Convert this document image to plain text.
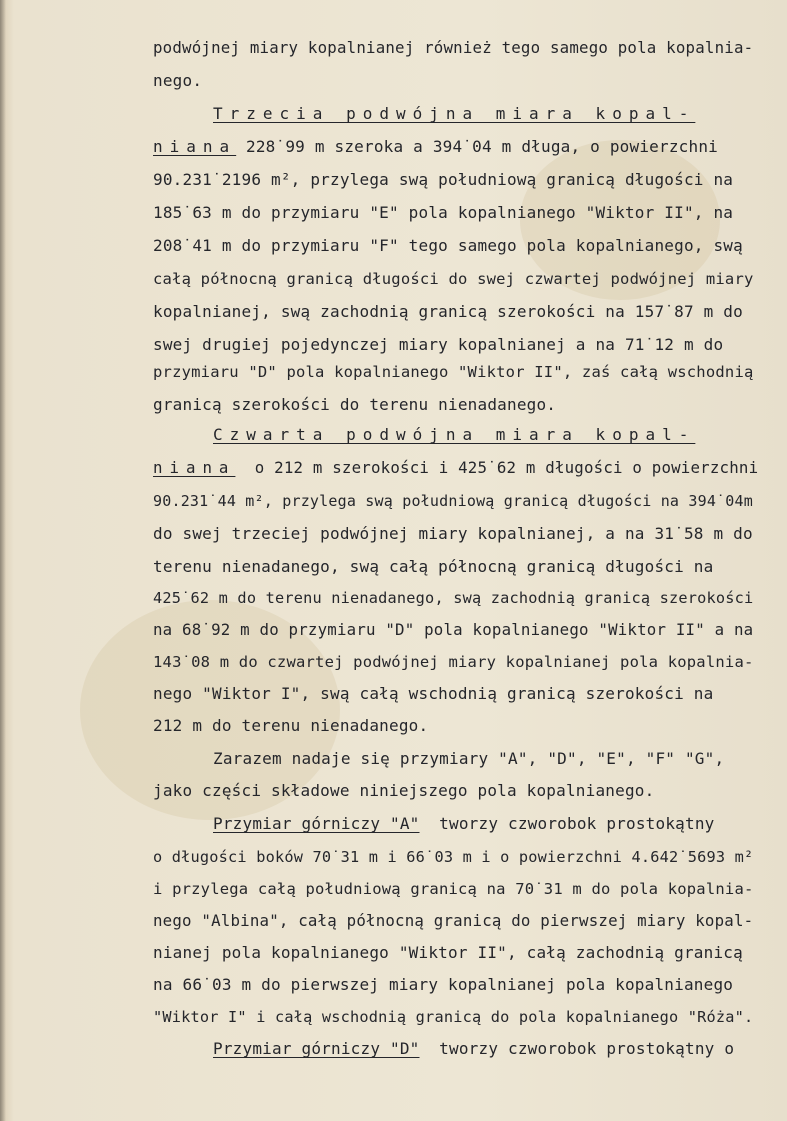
podwójnej miary kopalnianej również tego samego pola kopalnia-
nego.
Trzecia podwójna miara kopal-
niana 228˙99 m szeroka a 394˙04 m długa, o powierzchni
90.231˙2196 m², przylega swą południową granicą długości na
185˙63 m do przymiaru "E" pola kopalnianego "Wiktor II", na
208˙41 m do przymiaru "F" tego samego pola kopalnianego, swą
całą północną granicą długości do swej czwartej podwójnej miary
kopalnianej, swą zachodnią granicą szerokości na 157˙87 m do
swej drugiej pojedynczej miary kopalnianej a na 71˙12 m do
przymiaru "D" pola kopalnianego "Wiktor II", zaś całą wschodnią
granicą szerokości do terenu nienadanego.
Czwarta podwójna miara kopal-
niana  o 212 m szerokości i 425˙62 m długości o powierzchni
90.231˙44 m², przylega swą południową granicą długości na 394˙04m
do swej trzeciej podwójnej miary kopalnianej, a na 31˙58 m do
terenu nienadanego, swą całą północną granicą długości na
425˙62 m do terenu nienadanego, swą zachodnią granicą szerokości
na 68˙92 m do przymiaru "D" pola kopalnianego "Wiktor II" a na
143˙08 m do czwartej podwójnej miary kopalnianej pola kopalnia-
nego "Wiktor I", swą całą wschodnią granicą szerokości na
212 m do terenu nienadanego.
Zarazem nadaje się przymiary "A", "D", "E", "F" "G",
jako części składowe niniejszego pola kopalnianego.
Przymiar górniczy "A"  tworzy czworobok prostokątny
o długości boków 70˙31 m i 66˙03 m i o powierzchni 4.642˙5693 m²
i przylega całą południową granicą na 70˙31 m do pola kopalnia-
nego "Albina", całą północną granicą do pierwszej miary kopal-
nianej pola kopalnianego "Wiktor II", całą zachodnią granicą
na 66˙03 m do pierwszej miary kopalnianej pola kopalnianego
"Wiktor I" i całą wschodnią granicą do pola kopalnianego "Róża".
Przymiar górniczy "D"  tworzy czworobok prostokątny o
